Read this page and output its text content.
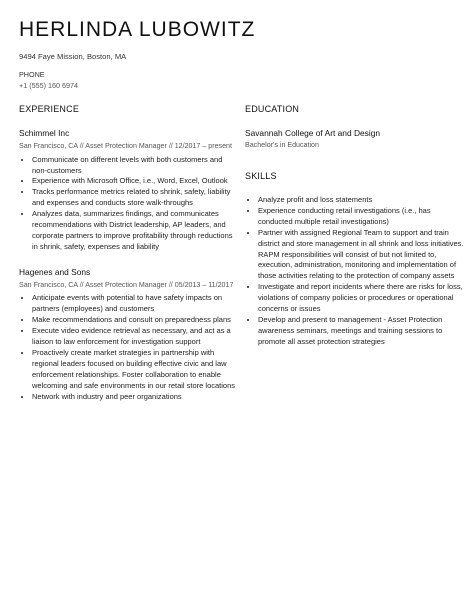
HERLINDA LUBOWITZ
9494 Faye Mission, Boston, MA
PHONE
+1 (555) 160 6974
EXPERIENCE
Schimmel Inc
San Francisco, CA // Asset Protection Manager // 12/2017 – present
• Communicate on different levels with both customers and non-customers
• Experience with Microsoft Office, i.e., Word, Excel, Outlook
• Tracks performance metrics related to shrink, safety, liability and expenses and conducts store walk-throughs
• Analyzes data, summarizes findings, and communicates recommendations with District leadership, AP leaders, and corporate partners to improve profitability through reductions in shrink, safety, expenses and liability
Hagenes and Sons
San Francisco, CA // Asset Protection Manager // 05/2013 – 11/2017
• Anticipate events with potential to have safety impacts on partners (employees) and customers
• Make recommendations and consult on preparedness plans
• Execute video evidence retrieval as necessary, and act as a liaison to law enforcement for investigation support
• Proactively create market strategies in partnership with regional leaders focused on building effective civic and law enforcement relationships. Foster collaboration to enable welcoming and safe environments in our retail store locations
• Network with industry and peer organizations
EDUCATION
Savannah College of Art and Design
Bachelor's in Education
SKILLS
• Analyze profit and loss statements
• Experience conducting retail investigations (i.e., has conducted multiple retail investigations)
• Partner with assigned Regional Team to support and train district and store management in all shrink and loss initiatives. RAPM responsibilities will consist of but not limited to, execution, administration, monitoring and implementation of those activities relating to the protection of company assets
• Investigate and report incidents where there are risks for loss, violations of company policies or procedures or operational concerns or issues
• Develop and present to management - Asset Protection awareness seminars, meetings and training sessions to promote all asset protection strategies
